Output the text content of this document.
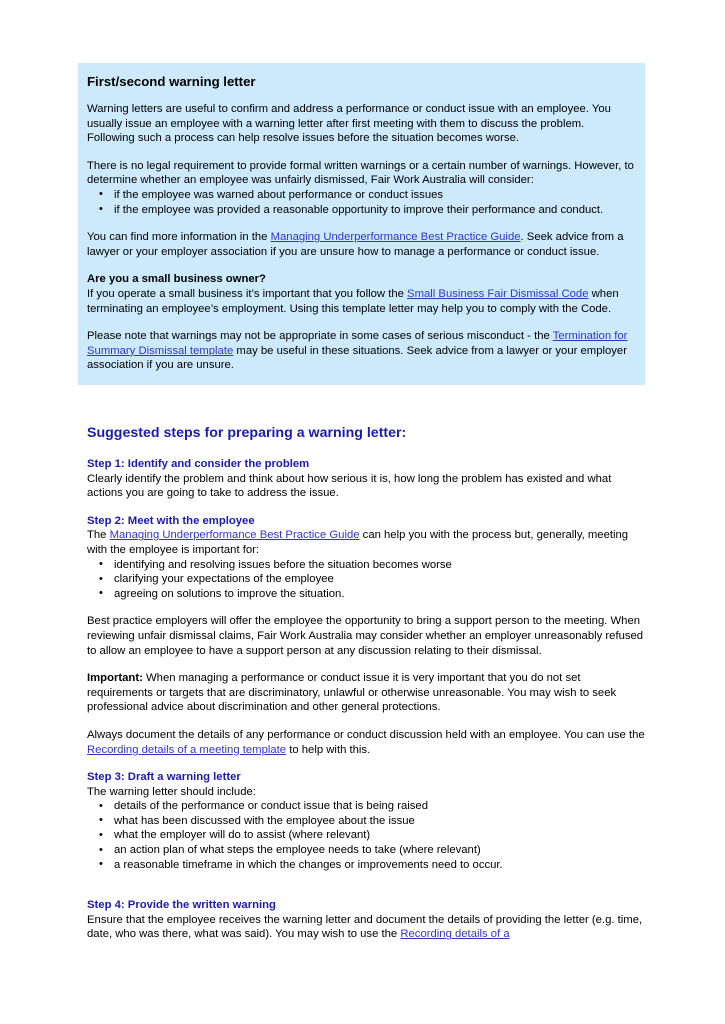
First/second warning letter

Warning letters are useful to confirm and address a performance or conduct issue with an employee. You usually issue an employee with a warning letter after first meeting with them to discuss the problem. Following such a process can help resolve issues before the situation becomes worse.

There is no legal requirement to provide formal written warnings or a certain number of warnings. However, to determine whether an employee was unfairly dismissed, Fair Work Australia will consider:

• if the employee was warned about performance or conduct issues
• if the employee was provided a reasonable opportunity to improve their performance and conduct.

You can find more information in the Managing Underperformance Best Practice Guide. Seek advice from a lawyer or your employer association if you are unsure how to manage a performance or conduct issue.

Are you a small business owner?
If you operate a small business it’s important that you follow the Small Business Fair Dismissal Code when terminating an employee’s employment. Using this template letter may help you to comply with the Code.

Please note that warnings may not be appropriate in some cases of serious misconduct - the Termination for Summary Dismissal template may be useful in these situations. Seek advice from a lawyer or your employer association if you are unsure.

Suggested steps for preparing a warning letter:
Step 1: Identify and consider the problem

Clearly identify the problem and think about how serious it is, how long the problem has existed and what actions you are going to take to address the issue.

Step 2: Meet with the employee

The Managing Underperformance Best Practice Guide can help you with the process but, generally, meeting with the employee is important for:

• identifying and resolving issues before the situation becomes worse
• clarifying your expectations of the employee
• agreeing on solutions to improve the situation.

Best practice employers will offer the employee the opportunity to bring a support person to the meeting. When reviewing unfair dismissal claims, Fair Work Australia may consider whether an employer unreasonably refused to allow an employee to have a support person at any discussion relating to their dismissal.

Important: When managing a performance or conduct issue it is very important that you do not set requirements or targets that are discriminatory, unlawful or otherwise unreasonable. You may wish to seek professional advice about discrimination and other general protections.

Always document the details of any performance or conduct discussion held with an employee. You can use the Recording details of a meeting template to help with this.

Step 3: Draft a warning letter

The warning letter should include:

• details of the performance or conduct issue that is being raised
• what has been discussed with the employee about the issue
• what the employer will do to assist (where relevant)
• an action plan of what steps the employee needs to take (where relevant)
• a reasonable timeframe in which the changes or improvements need to occur.
Step 4: Provide the written warning

Ensure that the employee receives the warning letter and document the details of providing the letter (e.g. time, date, who was there, what was said). You may wish to use the Recording details of a
